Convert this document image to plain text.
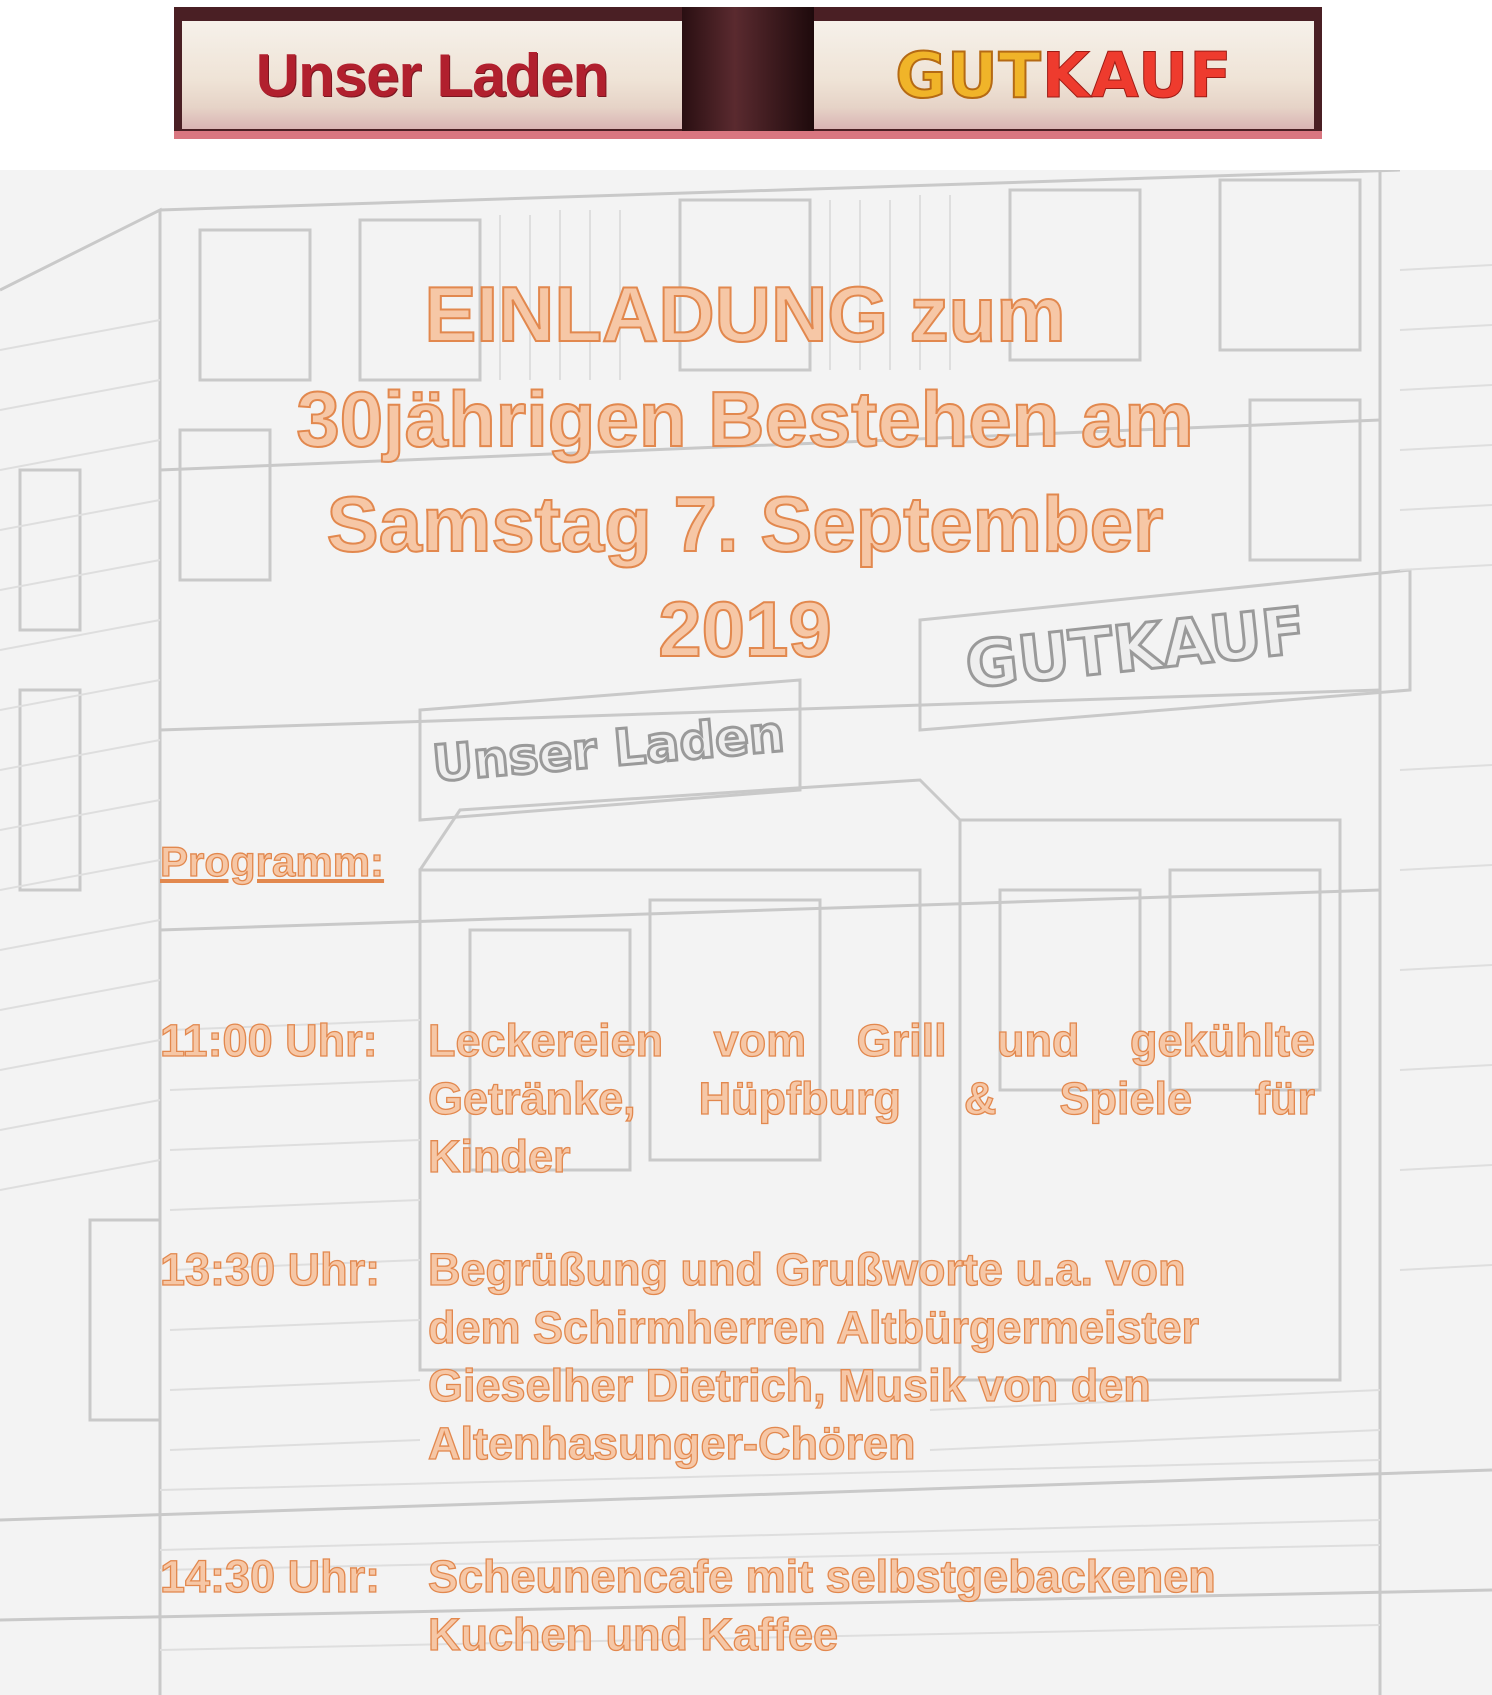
Unser Laden	GUTKAUF
GUTKAUF
Unser Laden
EINLADUNG zum
30jährigen Bestehen am
Samstag 7. September
2019
Programm:
11:00 Uhr:	Leckereien vom Grill und gekühlte
Getränke, Hüpfburg & Spiele für
Kinder
13:30 Uhr:	Begrüßung und Grußworte u.a. von
dem Schirmherren Altbürgermeister
Gieselher Dietrich, Musik von den
Altenhasunger-Chören
14:30 Uhr:	Scheunencafe mit selbstgebackenen
Kuchen und Kaffee
